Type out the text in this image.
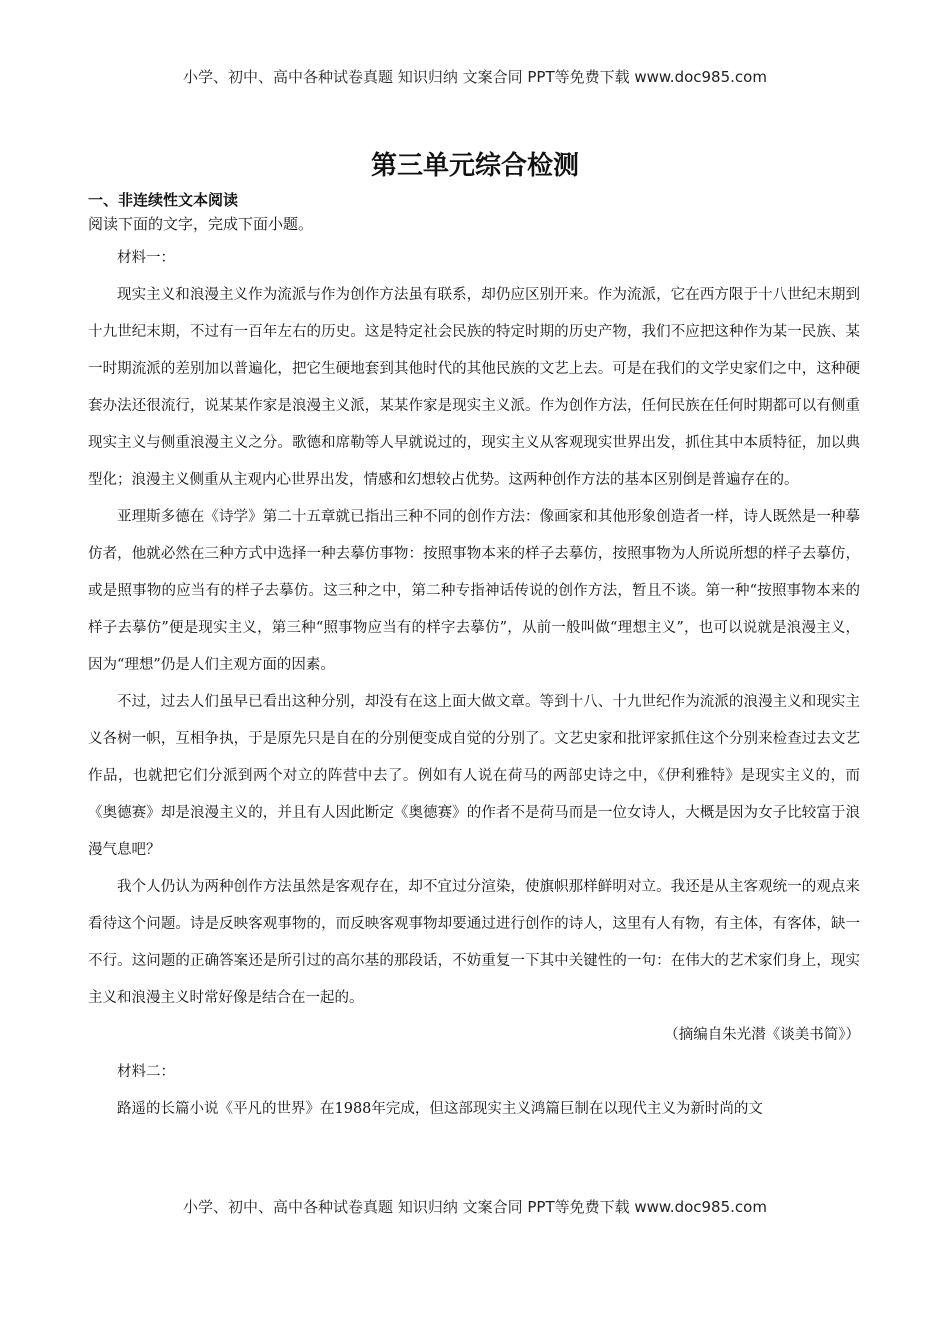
小学、初中、高中各种试卷真题 知识归纳 文案合同 PPT等免费下载 www.doc985.com
第三单元综合检测
一、非连续性文本阅读
阅读下面的文字，完成下面小题。

材料一：

现实主义和浪漫主义作为流派与作为创作方法虽有联系，却仍应区别开来。作为流派，它在西方限于十八世纪末期到十九世纪末期，不过有一百年左右的历史。这是特定社会民族的特定时期的历史产物，我们不应把这种作为某一民族、某一时期流派的差别加以普遍化，把它生硬地套到其他时代的其他民族的文艺上去。可是在我们的文学史家们之中，这种硬套办法还很流行，说某某作家是浪漫主义派，某某作家是现实主义派。作为创作方法，任何民族在任何时期都可以有侧重现实主义与侧重浪漫主义之分。歌德和席勒等人早就说过的，现实主义从客观现实世界出发，抓住其中本质特征，加以典型化；浪漫主义侧重从主观内心世界出发，情感和幻想较占优势。这两种创作方法的基本区别倒是普遍存在的。

亚理斯多德在《诗学》第二十五章就已指出三种不同的创作方法：像画家和其他形象创造者一样，诗人既然是一种摹仿者，他就必然在三种方式中选择一种去摹仿事物：按照事物本来的样子去摹仿，按照事物为人所说所想的样子去摹仿，或是照事物的应当有的样子去摹仿。这三种之中，第二种专指神话传说的创作方法，暂且不谈。第一种“按照事物本来的样子去摹仿”便是现实主义，第三种“照事物应当有的样字去摹仿”，从前一般叫做“理想主义”，也可以说就是浪漫主义，因为“理想”仍是人们主观方面的因素。

不过，过去人们虽早已看出这种分别，却没有在这上面大做文章。等到十八、十九世纪作为流派的浪漫主义和现实主义各树一帜，互相争执，于是原先只是自在的分别便变成自觉的分别了。文艺史家和批评家抓住这个分别来检查过去文艺作品，也就把它们分派到两个对立的阵营中去了。例如有人说在荷马的两部史诗之中，《伊利雅特》是现实主义的，而《奥德赛》却是浪漫主义的，并且有人因此断定《奥德赛》的作者不是荷马而是一位女诗人，大概是因为女子比较富于浪漫气息吧？

我个人仍认为两种创作方法虽然是客观存在，却不宜过分渲染，使旗帜那样鲜明对立。我还是从主客观统一的观点来看待这个问题。诗是反映客观事物的，而反映客观事物却要通过进行创作的诗人，这里有人有物，有主体，有客体，缺一不行。这问题的正确答案还是所引过的高尔基的那段话，不妨重复一下其中关键性的一句：在伟大的艺术家们身上，现实主义和浪漫主义时常好像是结合在一起的。

（摘编自朱光潜《谈美书简》）

材料二：

路遥的长篇小说《平凡的世界》在1988年完成，但这部现实主义鸿篇巨制在以现代主义为新时尚的文

小学、初中、高中各种试卷真题 知识归纳 文案合同 PPT等免费下载 www.doc985.com
